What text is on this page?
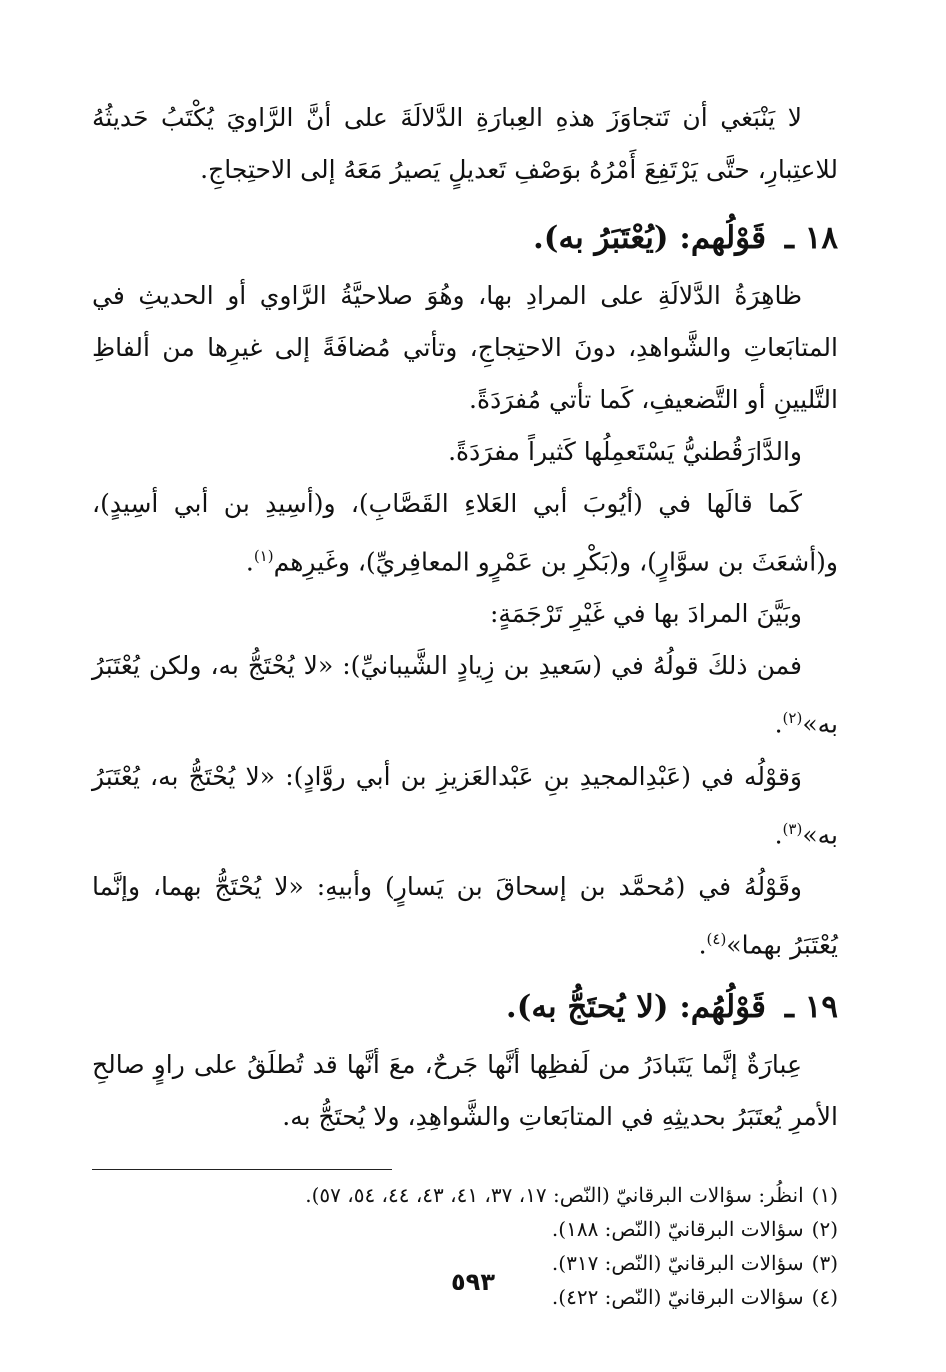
لا يَنْبَغي أن تَتجاوَزَ هذهِ العِبارَةِ الدَّلالَةَ على أنَّ الرَّاويَ يُكْتَبُ حَديثُهُ للاعتِبارِ، حتَّى يَرْتَفِعَ أَمْرُهُ بوَصْفِ تَعديلٍ يَصيرُ مَعَهُ إلى الاحتِجاجِ.

١٨ ـ قَوْلُهم: (يُعْتَبَرُ به).

ظاهِرَةُ الدَّلالَةِ على المرادِ بها، وهُوَ صلاحيَّةُ الرَّاوي أو الحديثِ في المتابَعاتِ والشَّواهدِ، دونَ الاحتِجاجِ، وتأتي مُضافَةً إلى غيرِها من ألفاظِ التَّليينِ أو التَّضعيفِ، كَما تأتي مُفرَدَةً.

والدَّارَقُطنيُّ يَسْتَعمِلُها كَثيراً مفرَدَةً.

كَما قالَها في (أيُوبَ أبي العَلاءِ القَصَّابِ)، و(أسِيدِ بن أبي أسِيدٍ)، و(أشعَثَ بن سوَّارٍ)، و(بَكْرِ بن عَمْرٍو المعافِريِّ)، وغَيرِهم$^{(١)}$.

وبَيَّنَ المرادَ بها في غَيْرِ تَرْجَمَةٍ:

فمن ذلكَ قولُهُ في (سَعيدِ بن زِيادٍ الشَّيبانيِّ): «لا يُحْتَجُّ به، ولكن يُعْتَبَرُ به»$^{(٢)}$.

وَقوْلُه في (عَبْدِالمجيدِ بنِ عَبْدالعَزيزِ بن أبي روَّادٍ): «لا يُحْتَجُّ به، يُعْتَبَرُ به»$^{(٣)}$.

وقَوْلُهُ في (مُحمَّد بن إسحاقَ بن يَسارٍ) وأبيهِ: «لا يُحْتَجُّ بهما، وإنَّما يُعْتَبَرُ بهما»$^{(٤)}$.

١٩ ـ قَوْلُهُم: (لا يُحتَجُّ به).

عِبارَةٌ إنَّما يَتَبادَرُ من لَفظِها أنَّها جَرحٌ، معَ أنَّها قد تُطلَقُ على راوٍ صالحِ الأمرِ يُعتَبَرُ بحديثِهِ في المتابَعاتِ والشَّواهِدِ، ولا يُحتَجُّ به.

(١)انظُر: سؤالات البرقانيّ (النّص: ١٧، ٣٧، ٤١، ٤٣، ٤٤، ٥٤، ٥٧).

(٢)سؤالات البرقانيّ (النّص: ١٨٨).

(٣)سؤالات البرقانيّ (النّص: ٣١٧).

(٤)سؤالات البرقانيّ (النّص: ٤٢٢).

٥٩٣
